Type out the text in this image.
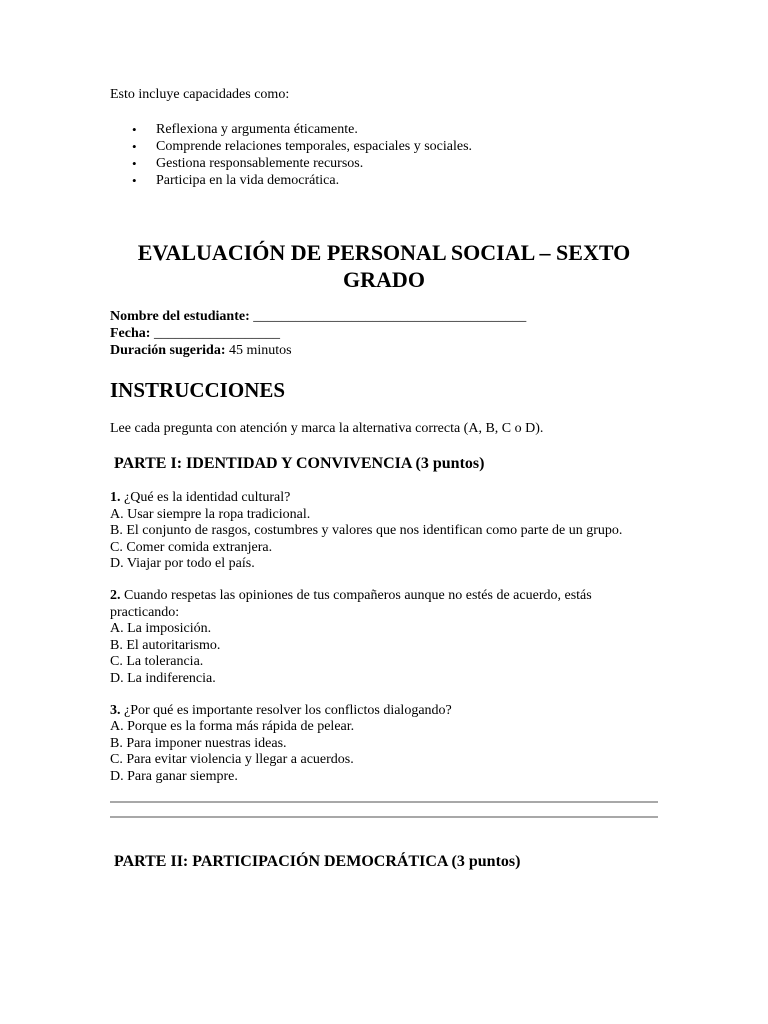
Esto incluye capacidades como:

• Reflexiona y argumenta éticamente.
• Comprende relaciones temporales, espaciales y sociales.
• Gestiona responsablemente recursos.
• Participa en la vida democrática.
EVALUACIÓN DE PERSONAL SOCIAL – SEXTO GRADO
Nombre del estudiante: _______________________________________
Fecha: __________________
Duración sugerida: 45 minutos
INSTRUCCIONES

Lee cada pregunta con atención y marca la alternativa correcta (A, B, C o D).

PARTE I: IDENTIDAD Y CONVIVENCIA (3 puntos)
1. ¿Qué es la identidad cultural?
A. Usar siempre la ropa tradicional.
B. El conjunto de rasgos, costumbres y valores que nos identifican como parte de un grupo.
C. Comer comida extranjera.
D. Viajar por todo el país.
2. Cuando respetas las opiniones de tus compañeros aunque no estés de acuerdo, estás practicando:
A. La imposición.
B. El autoritarismo.
C. La tolerancia.
D. La indiferencia.
3. ¿Por qué es importante resolver los conflictos dialogando?
A. Porque es la forma más rápida de pelear.
B. Para imponer nuestras ideas.
C. Para evitar violencia y llegar a acuerdos.
D. Para ganar siempre.
PARTE II: PARTICIPACIÓN DEMOCRÁTICA (3 puntos)
